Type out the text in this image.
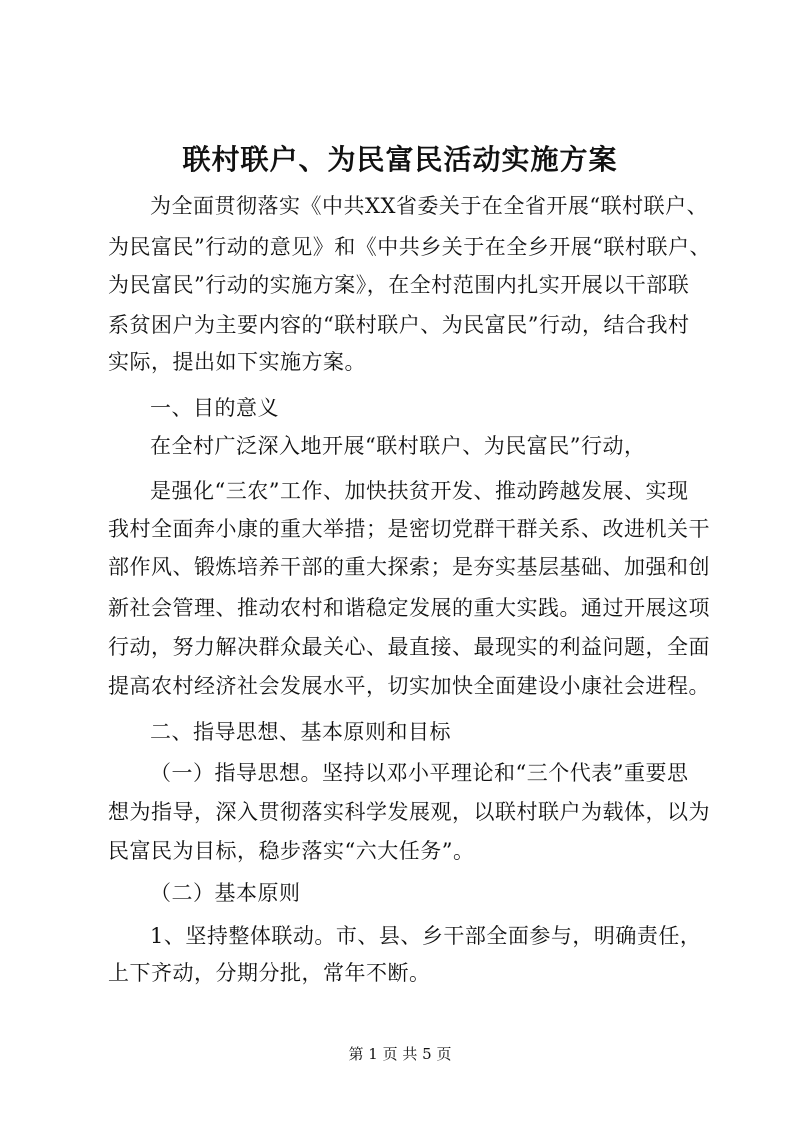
联村联户、为民富民活动实施方案
为全面贯彻落实《中共XX省委关于在全省开展“联村联户、
为民富民”行动的意见》和《中共乡关于在全乡开展“联村联户、
为民富民”行动的实施方案》，在全村范围内扎实开展以干部联
系贫困户为主要内容的“联村联户、为民富民”行动，结合我村
实际，提出如下实施方案。
一、目的意义
在全村广泛深入地开展“联村联户、为民富民”行动，
是强化“三农”工作、加快扶贫开发、推动跨越发展、实现
我村全面奔小康的重大举措；是密切党群干群关系、改进机关干
部作风、锻炼培养干部的重大探索；是夯实基层基础、加强和创
新社会管理、推动农村和谐稳定发展的重大实践。通过开展这项
行动，努力解决群众最关心、最直接、最现实的利益问题，全面
提高农村经济社会发展水平，切实加快全面建设小康社会进程。
二、指导思想、基本原则和目标
（一）指导思想。坚持以邓小平理论和“三个代表”重要思
想为指导，深入贯彻落实科学发展观，以联村联户为载体，以为
民富民为目标，稳步落实“六大任务”。
（二）基本原则
1、坚持整体联动。市、县、乡干部全面参与，明确责任，
上下齐动，分期分批，常年不断。
第 1 页 共 5 页
